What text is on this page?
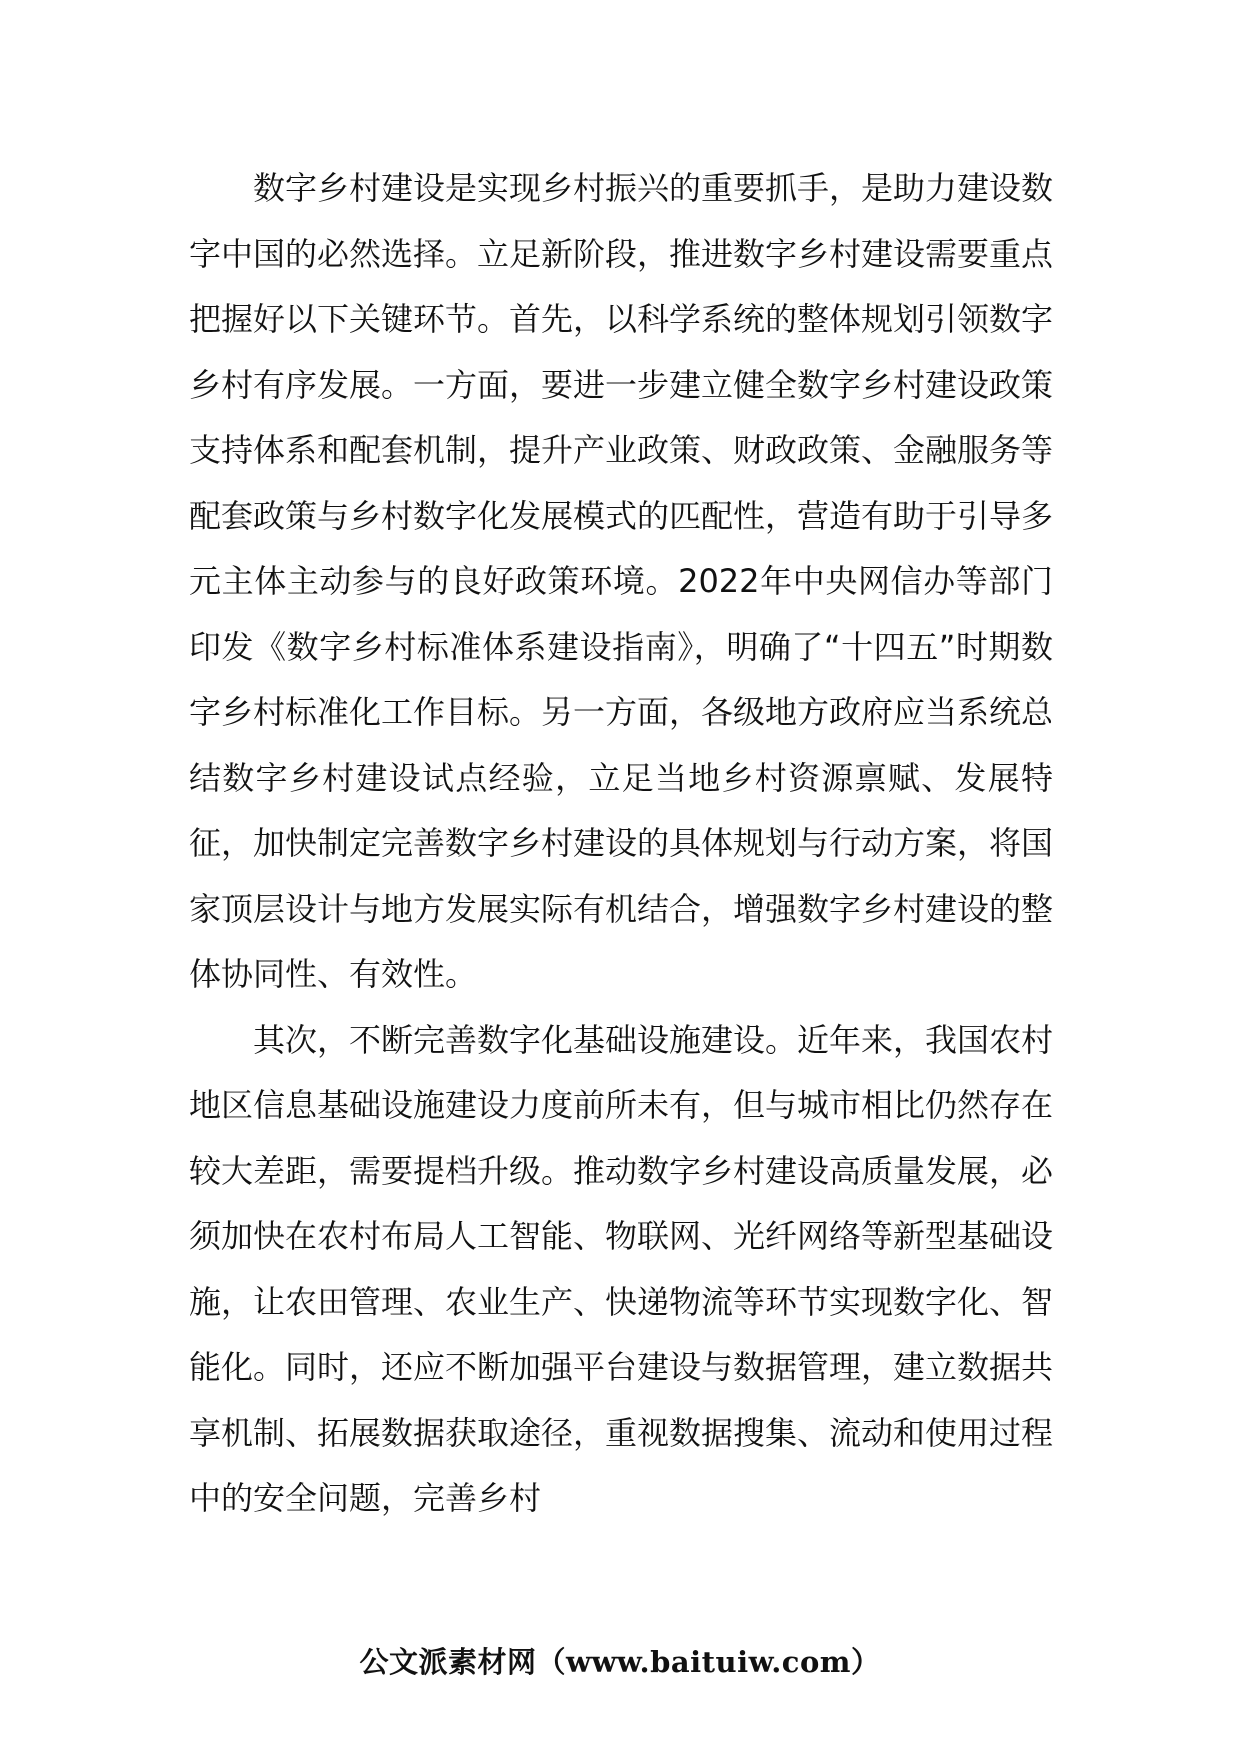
数字乡村建设是实现乡村振兴的重要抓手，是助力建设数字中国的必然选择。立足新阶段，推进数字乡村建设需要重点把握好以下关键环节。首先，以科学系统的整体规划引领数字乡村有序发展。一方面，要进一步建立健全数字乡村建设政策支持体系和配套机制，提升产业政策、财政政策、金融服务等配套政策与乡村数字化发展模式的匹配性，营造有助于引导多元主体主动参与的良好政策环境。2022年中央网信办等部门印发《数字乡村标准体系建设指南》，明确了“十四五”时期数字乡村标准化工作目标。另一方面，各级地方政府应当系统总结数字乡村建设试点经验，立足当地乡村资源禀赋、发展特征，加快制定完善数字乡村建设的具体规划与行动方案，将国家顶层设计与地方发展实际有机结合，增强数字乡村建设的整体协同性、有效性。

其次，不断完善数字化基础设施建设。近年来，我国农村地区信息基础设施建设力度前所未有，但与城市相比仍然存在较大差距，需要提档升级。推动数字乡村建设高质量发展，必须加快在农村布局人工智能、物联网、光纤网络等新型基础设施，让农田管理、农业生产、快递物流等环节实现数字化、智能化。同时，还应不断加强平台建设与数据管理，建立数据共享机制、拓展数据获取途径，重视数据搜集、流动和使用过程中的安全问题，完善乡村

公文派素材网（www.baituiw.com）
